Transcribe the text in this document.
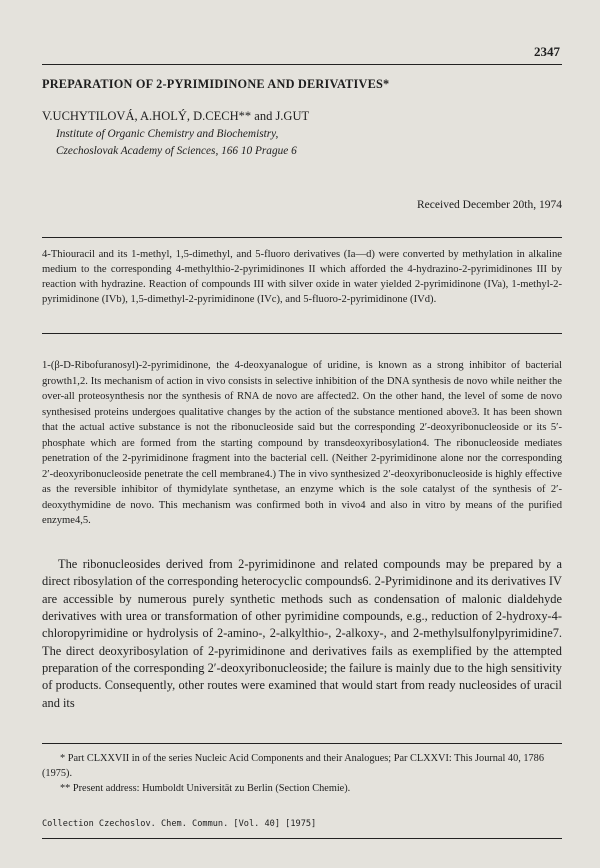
2347
PREPARATION OF 2-PYRIMIDINONE AND DERIVATIVES*
V.UCHYTILOVÁ, A.HOLÝ, D.CECH** and J.GUT
Institute of Organic Chemistry and Biochemistry,
Czechoslovak Academy of Sciences, 166 10 Prague 6
Received December 20th, 1974
4-Thiouracil and its 1-methyl, 1,5-dimethyl, and 5-fluoro derivatives (Ia—d) were converted by methylation in alkaline medium to the corresponding 4-methylthio-2-pyrimidinones II which afforded the 4-hydrazino-2-pyrimidinones III by reaction with hydrazine. Reaction of compounds III with silver oxide in water yielded 2-pyrimidinone (IVa), 1-methyl-2-pyrimidinone (IVb), 1,5-dimethyl-2-pyrimidinone (IVc), and 5-fluoro-2-pyrimidinone (IVd).
1-(β-D-Ribofuranosyl)-2-pyrimidinone, the 4-deoxyanalogue of uridine, is known as a strong inhibitor of bacterial growth1,2. Its mechanism of action in vivo consists in selective inhibition of the DNA synthesis de novo while neither the over-all proteosynthesis nor the synthesis of RNA de novo are affected2. On the other hand, the level of some de novo synthesised proteins undergoes qualitative changes by the action of the substance mentioned above3. It has been shown that the actual active substance is not the ribonucleoside said but the corresponding 2′-deoxyribonucleoside or its 5′-phosphate which are formed from the starting compound by transdeoxyribosylation4. The ribonucleoside mediates penetration of the 2-pyrimidinone fragment into the bacterial cell. (Neither 2-pyrimidinone alone nor the corresponding 2′-deoxyribonucleoside penetrate the cell membrane4.) The in vivo synthesized 2′-deoxyribonucleoside is highly effective as the reversible inhibitor of thymidylate synthetase, an enzyme which is the sole catalyst of the synthesis of 2′-deoxythymidine de novo. This mechanism was confirmed both in vivo4 and also in vitro by means of the purified enzyme4,5.
The ribonucleosides derived from 2-pyrimidinone and related compounds may be prepared by a direct ribosylation of the corresponding heterocyclic compounds6. 2-Pyrimidinone and its derivatives IV are accessible by numerous purely synthetic methods such as condensation of malonic dialdehyde derivatives with urea or transformation of other pyrimidine compounds, e.g., reduction of 2-hydroxy-4-chloropyrimidine or hydrolysis of 2-amino-, 2-alkylthio-, 2-alkoxy-, and 2-methylsulfonylpyrimidine7. The direct deoxyribosylation of 2-pyrimidinone and derivatives fails as exemplified by the attempted preparation of the corresponding 2′-deoxyribonucleoside; the failure is mainly due to the high sensitivity of products. Consequently, other routes were examined that would start from ready nucleosides of uracil and its

* Part CLXXVII in of the series Nucleic Acid Components and their Analogues; Par CLXXVI: This Journal 40, 1786 (1975).

** Present address: Humboldt Universität zu Berlin (Section Chemie).

Collection Czechoslov. Chem. Commun. [Vol. 40] [1975]
